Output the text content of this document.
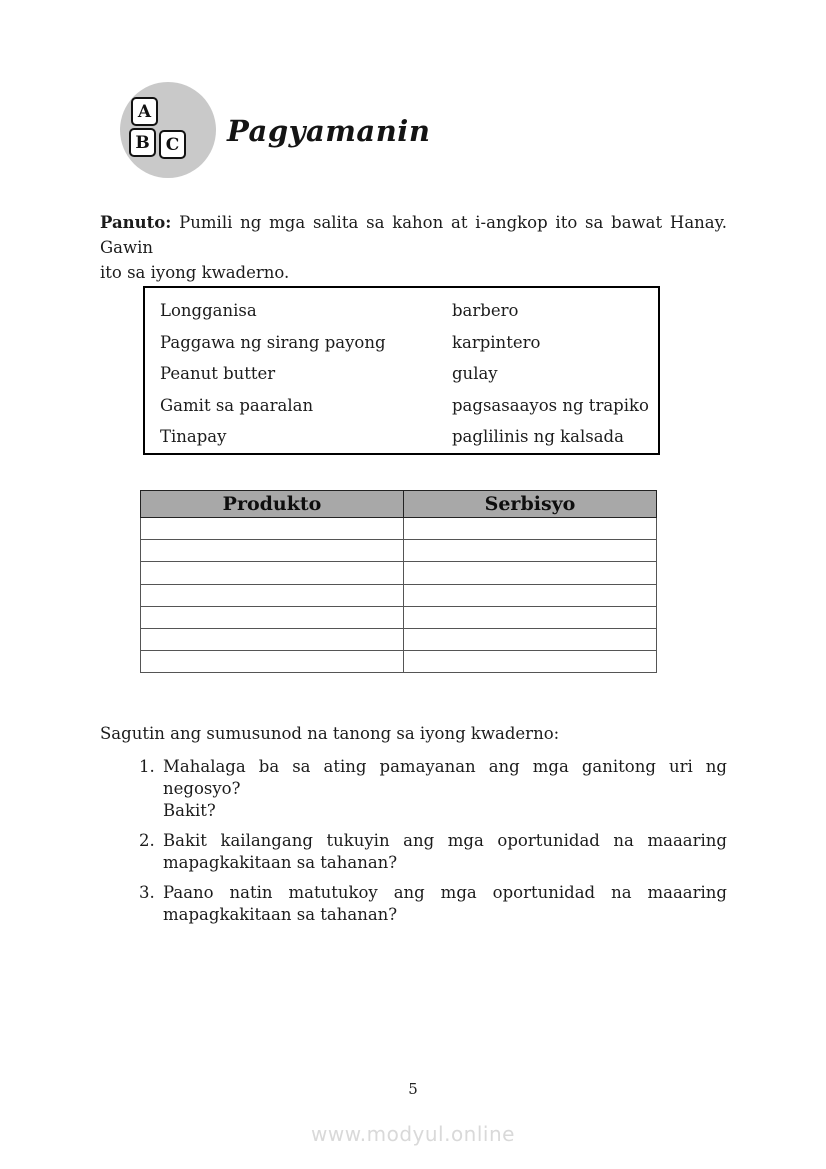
A
B C Pagyamanin
Panuto: Pumili ng mga salita sa kahon at i-angkop ito sa bawat Hanay. Gawin
ito sa iyong kwaderno.
Longganisa	barbero
Paggawa ng sirang payong	karpintero
Peanut butter	gulay
Gamit sa paaralan	pagsasaayos ng trapiko
Tinapay	paglilinis ng kalsada
Produkto	Serbisyo

Sagutin ang sumusunod na tanong sa iyong kwaderno:
1. Mahalaga ba sa ating pamayanan ang mga ganitong uri ng negosyo?
Bakit?
2. Bakit kailangang tukuyin ang mga oportunidad na maaaring
mapagkakitaan sa tahanan?
3. Paano natin matutukoy ang mga oportunidad na maaaring
mapagkakitaan sa tahanan?
5
www.modyul.online
